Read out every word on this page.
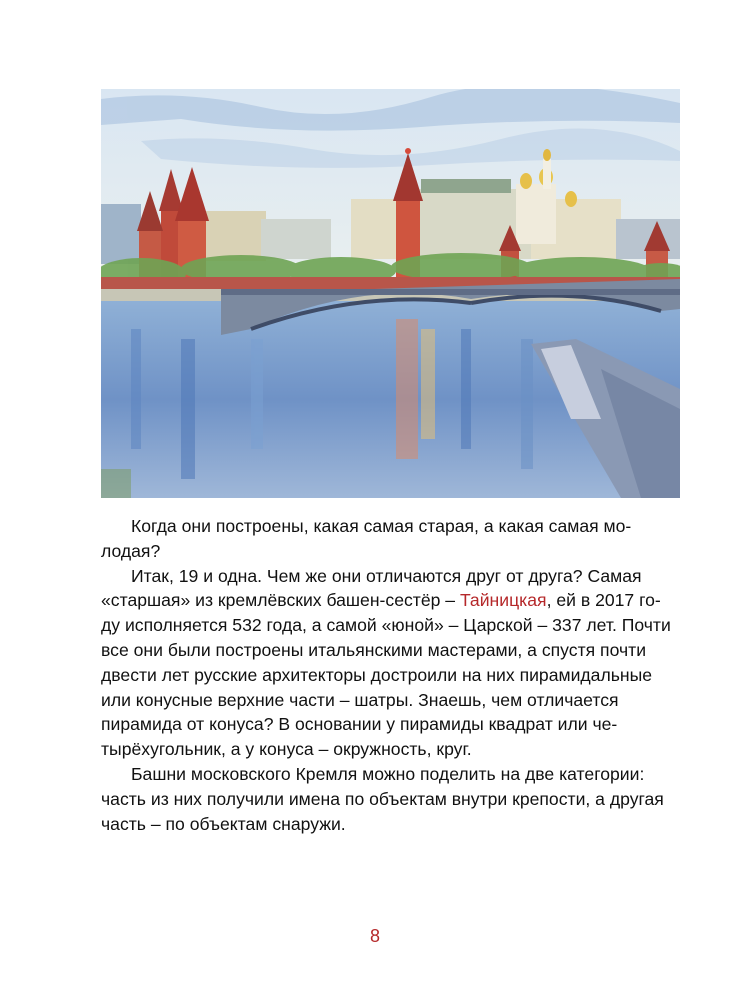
Когда они построены, какая самая старая, а какая самая мо-
лодая?

Итак, 19 и одна. Чем же они отличаются друг от друга? Самая
«старшая» из кремлёвских башен-сестёр – Тайницкая, ей в 2017 го-
ду исполняется 532 года, а самой «юной» – Царской – 337 лет. Почти
все они были построены итальянскими мастерами, а спустя почти
двести лет русские архитекторы достроили на них пирамидальные
или конусные верхние части – шатры. Знаешь, чем отличается
пирамида от конуса? В основании у пирамиды квадрат или че-
тырёхугольник, а у конуса – окружность, круг.

Башни московского Кремля можно поделить на две категории:
часть из них получили имена по объектам внутри крепости, а другая
часть – по объектам снаружи.

8
